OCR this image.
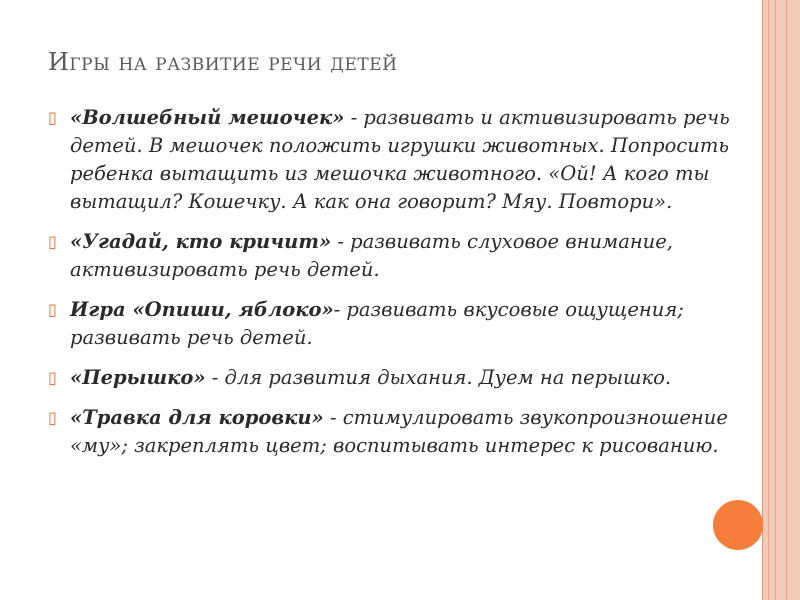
Игры на развитие речи детей
▯ «Волшебный мешочек» - развивать и активизировать речь детей. В мешочек положить игрушки животных. Попросить ребенка вытащить из мешочка животного. «Ой! А кого ты вытащил? Кошечку. А как она говорит? Мяу. Повтори».
▯ «Угадай, кто кричит» - развивать слуховое внимание, активизировать речь детей.
▯ Игра «Опиши, яблоко»- развивать вкусовые ощущения; развивать речь детей.
▯ «Перышко» - для развития дыхания. Дуем на перышко.
▯ «Травка для коровки» - стимулировать звукопроизношение «му»; закреплять цвет; воспитывать интерес к рисованию.
